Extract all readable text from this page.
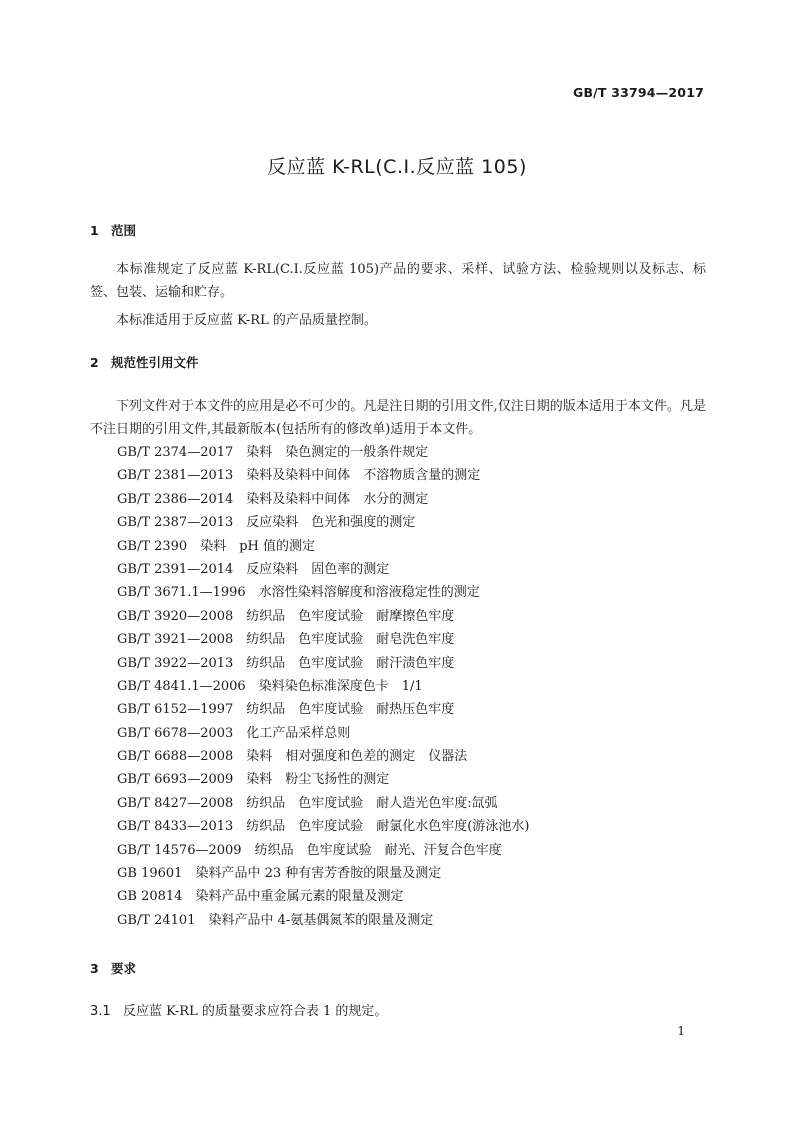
GB/T 33794—2017
反应蓝 K-RL(C.I.反应蓝 105)
1 范围
本标准规定了反应蓝 K-RL(C.I.反应蓝 105)产品的要求、采样、试验方法、检验规则以及标志、标签、包装、运输和贮存。
本标准适用于反应蓝 K-RL 的产品质量控制。
2 规范性引用文件
下列文件对于本文件的应用是必不可少的。凡是注日期的引用文件,仅注日期的版本适用于本文件。凡是不注日期的引用文件,其最新版本(包括所有的修改单)适用于本文件。
GB/T 2374—2017 染料　染色测定的一般条件规定
GB/T 2381—2013 染料及染料中间体　不溶物质含量的测定
GB/T 2386—2014 染料及染料中间体　水分的测定
GB/T 2387—2013 反应染料　色光和强度的测定
GB/T 2390 染料　pH 值的测定
GB/T 2391—2014 反应染料　固色率的测定
GB/T 3671.1—1996 水溶性染料溶解度和溶液稳定性的测定
GB/T 3920—2008 纺织品　色牢度试验　耐摩擦色牢度
GB/T 3921—2008 纺织品　色牢度试验　耐皂洗色牢度
GB/T 3922—2013 纺织品　色牢度试验　耐汗渍色牢度
GB/T 4841.1—2006 染料染色标准深度色卡　1/1
GB/T 6152—1997 纺织品　色牢度试验　耐热压色牢度
GB/T 6678—2003 化工产品采样总则
GB/T 6688—2008 染料　相对强度和色差的测定　仪器法
GB/T 6693—2009 染料　粉尘飞扬性的测定
GB/T 8427—2008 纺织品　色牢度试验　耐人造光色牢度:氙弧
GB/T 8433—2013 纺织品　色牢度试验　耐氯化水色牢度(游泳池水)
GB/T 14576—2009 纺织品　色牢度试验　耐光、汗复合色牢度
GB 19601 染料产品中 23 种有害芳香胺的限量及测定
GB 20814 染料产品中重金属元素的限量及测定
GB/T 24101 染料产品中 4-氨基偶氮苯的限量及测定
3 要求
3.1 反应蓝 K-RL 的质量要求应符合表 1 的规定。
1
